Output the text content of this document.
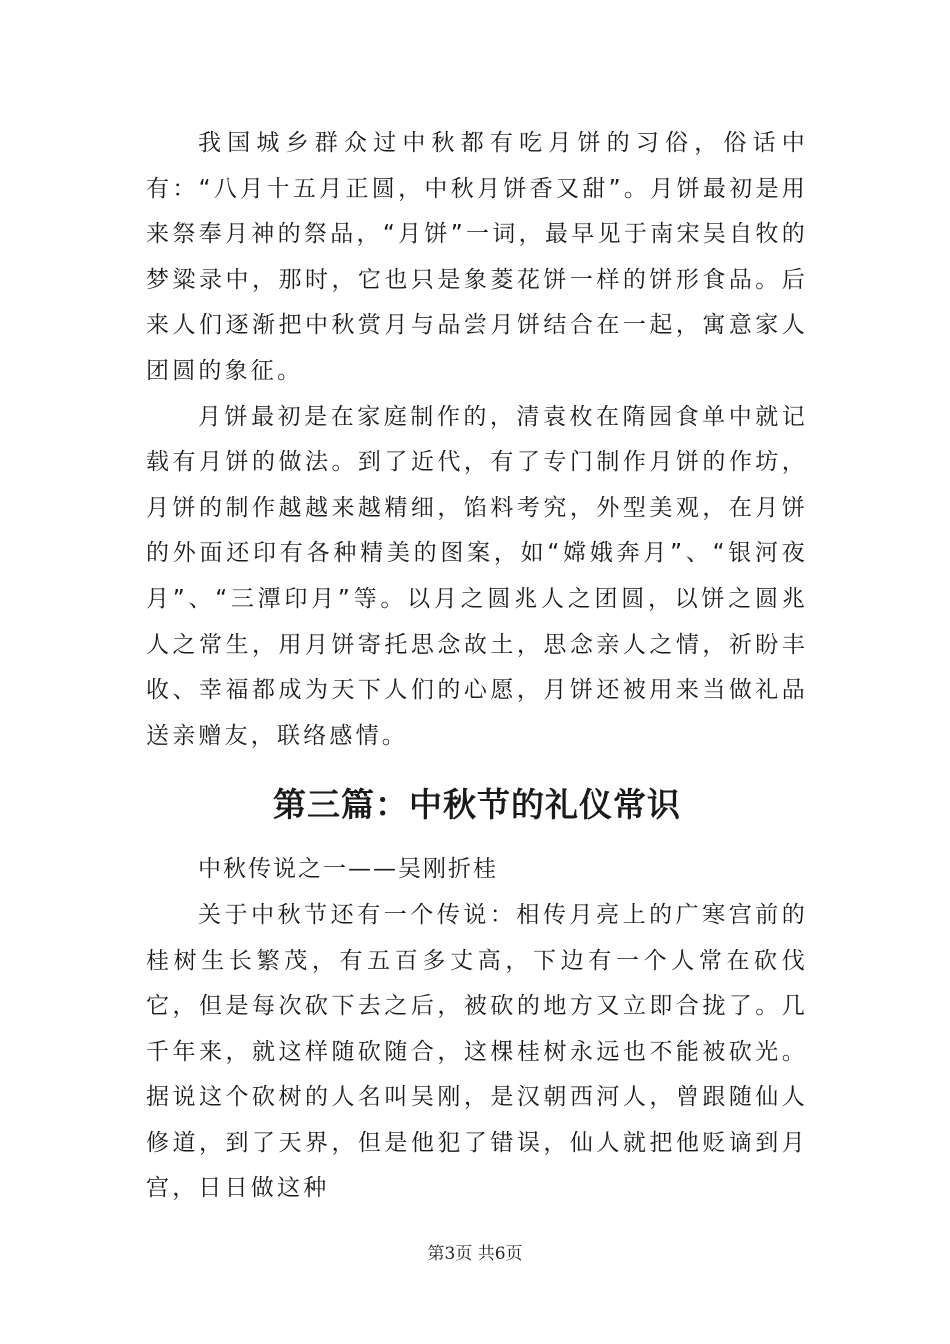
我国城乡群众过中秋都有吃月饼的习俗，俗话中有：“八月十五月正圆，中秋月饼香又甜”。月饼最初是用来祭奉月神的祭品，“月饼”一词，最早见于南宋吴自牧的梦粱录中，那时，它也只是象菱花饼一样的饼形食品。后来人们逐渐把中秋赏月与品尝月饼结合在一起，寓意家人团圆的象征。

月饼最初是在家庭制作的，清袁枚在隋园食单中就记载有月饼的做法。到了近代，有了专门制作月饼的作坊，月饼的制作越越来越精细，馅料考究，外型美观，在月饼的外面还印有各种精美的图案，如“嫦娥奔月”、“银河夜月”、“三潭印月”等。以月之圆兆人之团圆，以饼之圆兆人之常生，用月饼寄托思念故土，思念亲人之情，祈盼丰收、幸福都成为天下人们的心愿，月饼还被用来当做礼品送亲赠友，联络感情。

第三篇：中秋节的礼仪常识

中秋传说之一——吴刚折桂

关于中秋节还有一个传说：相传月亮上的广寒宫前的桂树生长繁茂，有五百多丈高，下边有一个人常在砍伐它，但是每次砍下去之后，被砍的地方又立即合拢了。几千年来，就这样随砍随合，这棵桂树永远也不能被砍光。据说这个砍树的人名叫吴刚，是汉朝西河人，曾跟随仙人修道，到了天界，但是他犯了错误，仙人就把他贬谪到月宫，日日做这种

第3页 共6页
